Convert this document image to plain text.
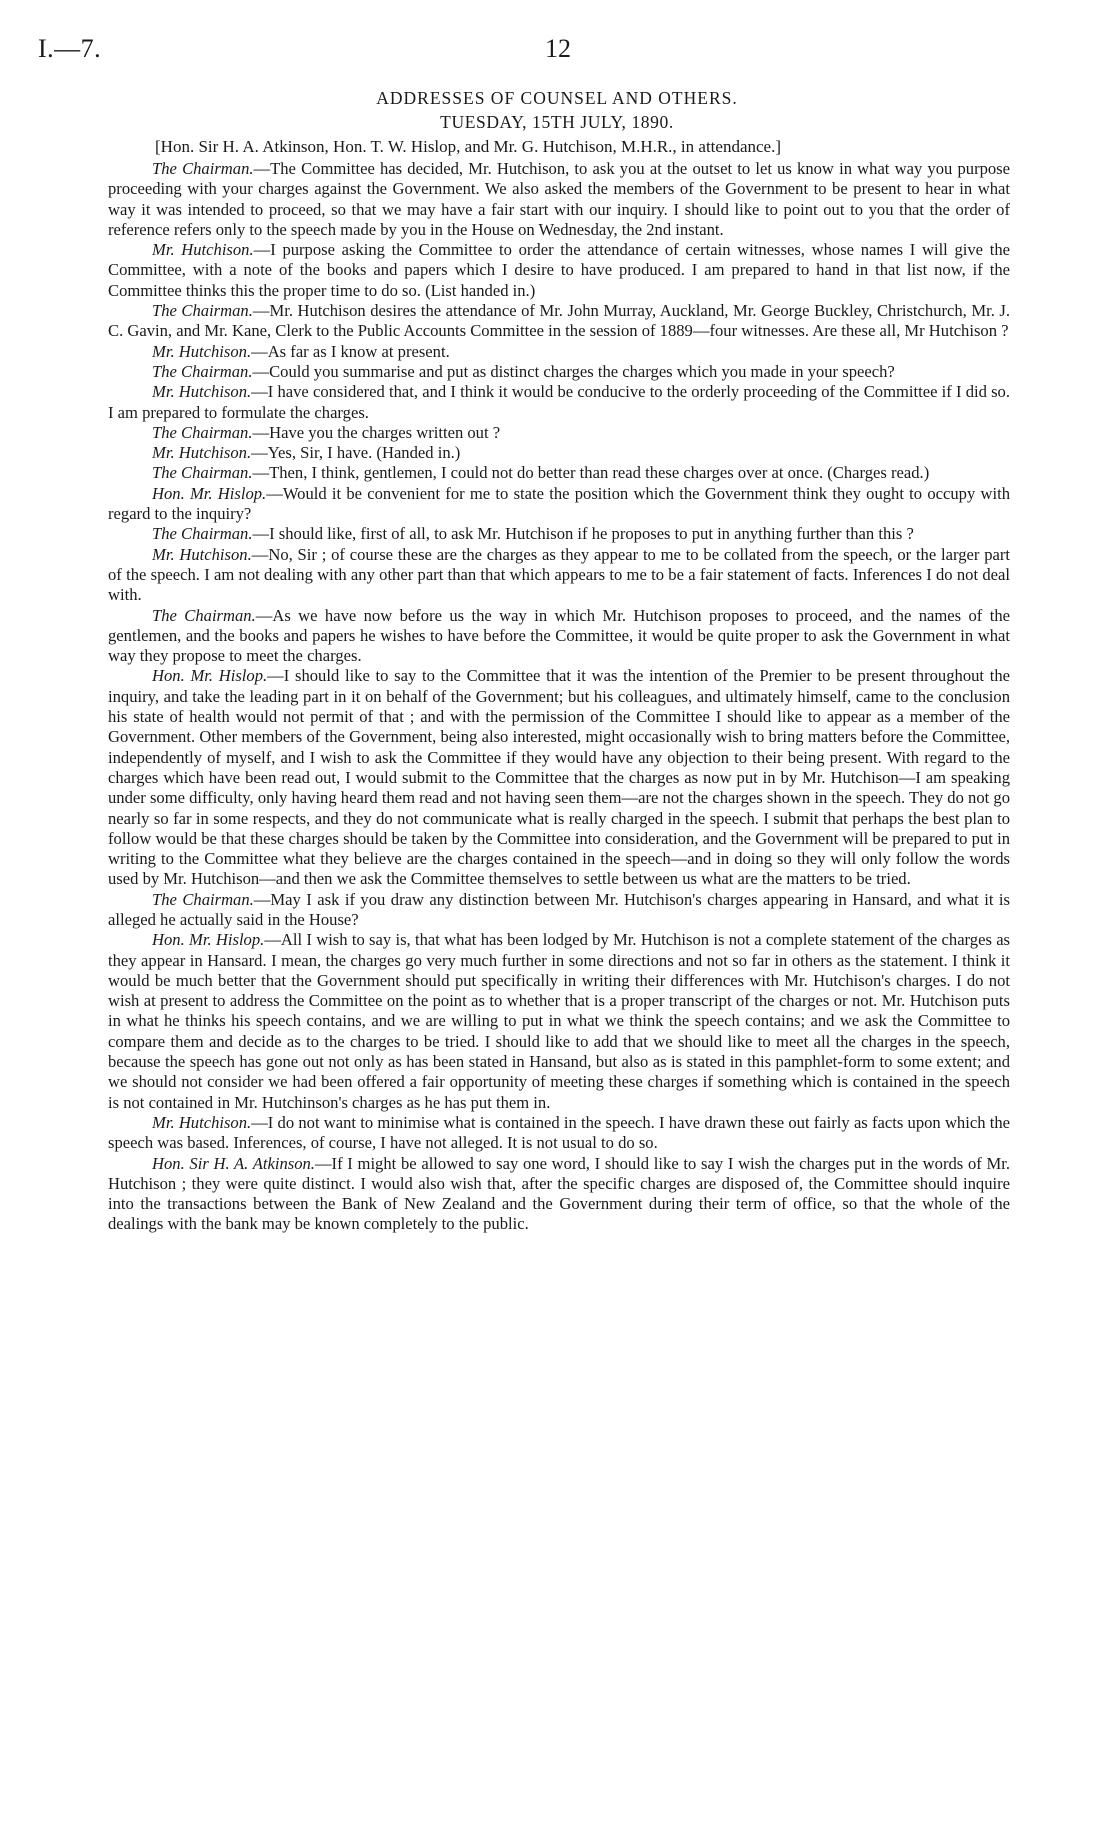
I.—7.	12
ADDRESSES OF COUNSEL AND OTHERS.
TUESDAY, 15TH JULY, 1890.
[Hon. Sir H. A. Atkinson, Hon. T. W. Hislop, and Mr. G. Hutchison, M.H.R., in attendance.]

The Chairman.—The Committee has decided, Mr. Hutchison, to ask you at the outset to let us know in what way you purpose proceeding with your charges against the Government. We also asked the members of the Government to be present to hear in what way it was intended to proceed, so that we may have a fair start with our inquiry. I should like to point out to you that the order of reference refers only to the speech made by you in the House on Wednesday, the 2nd instant.

Mr. Hutchison.—I purpose asking the Committee to order the attendance of certain witnesses, whose names I will give the Committee, with a note of the books and papers which I desire to have produced. I am prepared to hand in that list now, if the Committee thinks this the proper time to do so. (List handed in.)

The Chairman.—Mr. Hutchison desires the attendance of Mr. John Murray, Auckland, Mr. George Buckley, Christchurch, Mr. J. C. Gavin, and Mr. Kane, Clerk to the Public Accounts Committee in the session of 1889—four witnesses. Are these all, Mr Hutchison ?

Mr. Hutchison.—As far as I know at present.

The Chairman.—Could you summarise and put as distinct charges the charges which you made in your speech?

Mr. Hutchison.—I have considered that, and I think it would be conducive to the orderly proceeding of the Committee if I did so. I am prepared to formulate the charges.

The Chairman.—Have you the charges written out ?

Mr. Hutchison.—Yes, Sir, I have. (Handed in.)

The Chairman.—Then, I think, gentlemen, I could not do better than read these charges over at once. (Charges read.)

Hon. Mr. Hislop.—Would it be convenient for me to state the position which the Government think they ought to occupy with regard to the inquiry?

The Chairman.—I should like, first of all, to ask Mr. Hutchison if he proposes to put in anything further than this ?

Mr. Hutchison.—No, Sir ; of course these are the charges as they appear to me to be collated from the speech, or the larger part of the speech. I am not dealing with any other part than that which appears to me to be a fair statement of facts. Inferences I do not deal with.

The Chairman.—As we have now before us the way in which Mr. Hutchison proposes to proceed, and the names of the gentlemen, and the books and papers he wishes to have before the Committee, it would be quite proper to ask the Government in what way they propose to meet the charges.

Hon. Mr. Hislop.—I should like to say to the Committee that it was the intention of the Premier to be present throughout the inquiry, and take the leading part in it on behalf of the Government; but his colleagues, and ultimately himself, came to the conclusion his state of health would not permit of that ; and with the permission of the Committee I should like to appear as a member of the Government. Other members of the Government, being also interested, might occasionally wish to bring matters before the Committee, independently of myself, and I wish to ask the Committee if they would have any objection to their being present. With regard to the charges which have been read out, I would submit to the Committee that the charges as now put in by Mr. Hutchison—I am speaking under some difficulty, only having heard them read and not having seen them—are not the charges shown in the speech. They do not go nearly so far in some respects, and they do not communicate what is really charged in the speech. I submit that perhaps the best plan to follow would be that these charges should be taken by the Committee into consideration, and the Government will be prepared to put in writing to the Committee what they believe are the charges contained in the speech—and in doing so they will only follow the words used by Mr. Hutchison—and then we ask the Committee themselves to settle between us what are the matters to be tried.

The Chairman.—May I ask if you draw any distinction between Mr. Hutchison's charges appearing in Hansard, and what it is alleged he actually said in the House?

Hon. Mr. Hislop.—All I wish to say is, that what has been lodged by Mr. Hutchison is not a complete statement of the charges as they appear in Hansard. I mean, the charges go very much further in some directions and not so far in others as the statement. I think it would be much better that the Government should put specifically in writing their differences with Mr. Hutchison's charges. I do not wish at present to address the Committee on the point as to whether that is a proper transcript of the charges or not. Mr. Hutchison puts in what he thinks his speech contains, and we are willing to put in what we think the speech contains; and we ask the Committee to compare them and decide as to the charges to be tried. I should like to add that we should like to meet all the charges in the speech, because the speech has gone out not only as has been stated in Hansand, but also as is stated in this pamphlet-form to some extent; and we should not consider we had been offered a fair opportunity of meeting these charges if something which is contained in the speech is not contained in Mr. Hutchinson's charges as he has put them in.

Mr. Hutchison.—I do not want to minimise what is contained in the speech. I have drawn these out fairly as facts upon which the speech was based. Inferences, of course, I have not alleged. It is not usual to do so.

Hon. Sir H. A. Atkinson.—If I might be allowed to say one word, I should like to say I wish the charges put in the words of Mr. Hutchison ; they were quite distinct. I would also wish that, after the specific charges are disposed of, the Committee should inquire into the transactions between the Bank of New Zealand and the Government during their term of office, so that the whole of the dealings with the bank may be known completely to the public.
